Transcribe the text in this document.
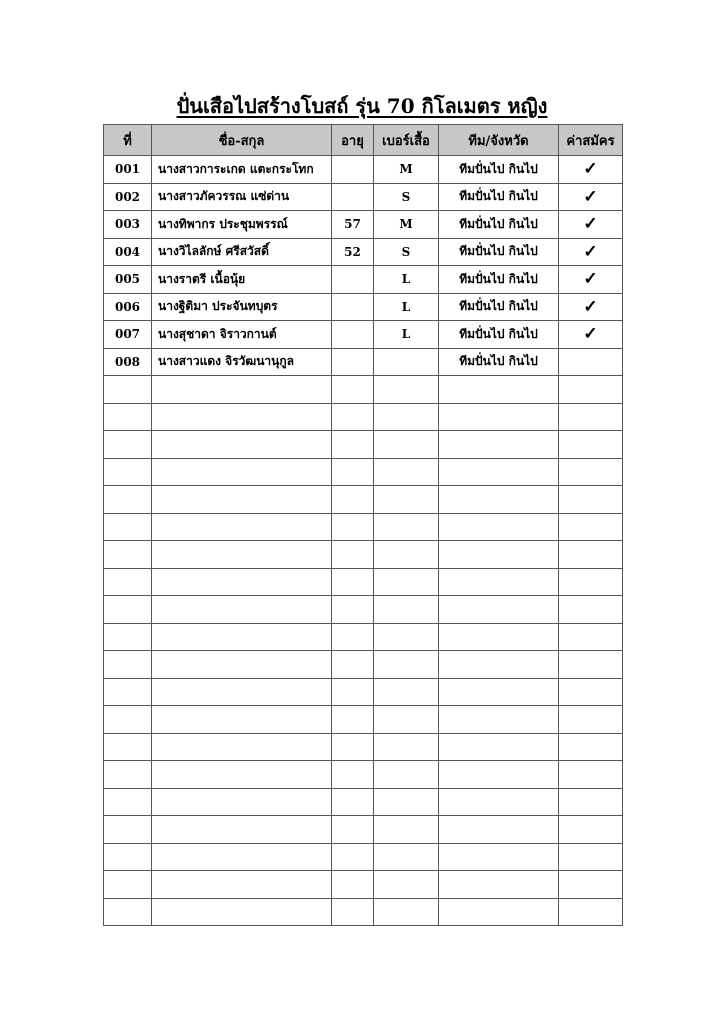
ปั่นเสือไปสร้างโบสถ์ รุ่น 70 กิโลเมตร หญิง
ที่	ชื่อ-สกุล	อายุ	เบอร์เสื้อ	ทีม/จังหวัด	ค่าสมัคร
001	นางสาวการะเกด แตะกระโทก		M	ทีมปั่นไป กินไป	✓
002	นางสาวภัควรรณ แซ่ด่าน		S	ทีมปั่นไป กินไป	✓
003	นางทิพากร ประชุมพรรณ์	57	M	ทีมปั่นไป กินไป	✓
004	นางวิไลลักษ์ ศรีสวัสดิ์	52	S	ทีมปั่นไป กินไป	✓
005	นางราตรี เนื้อนุ้ย		L	ทีมปั่นไป กินไป	✓
006	นางฐิติมา ประจันทบุตร		L	ทีมปั่นไป กินไป	✓
007	นางสุชาดา จิราวกานต์		L	ทีมปั่นไป กินไป	✓
008	นางสาวแดง จิรวัฒนานุกูล			ทีมปั่นไป กินไป	
